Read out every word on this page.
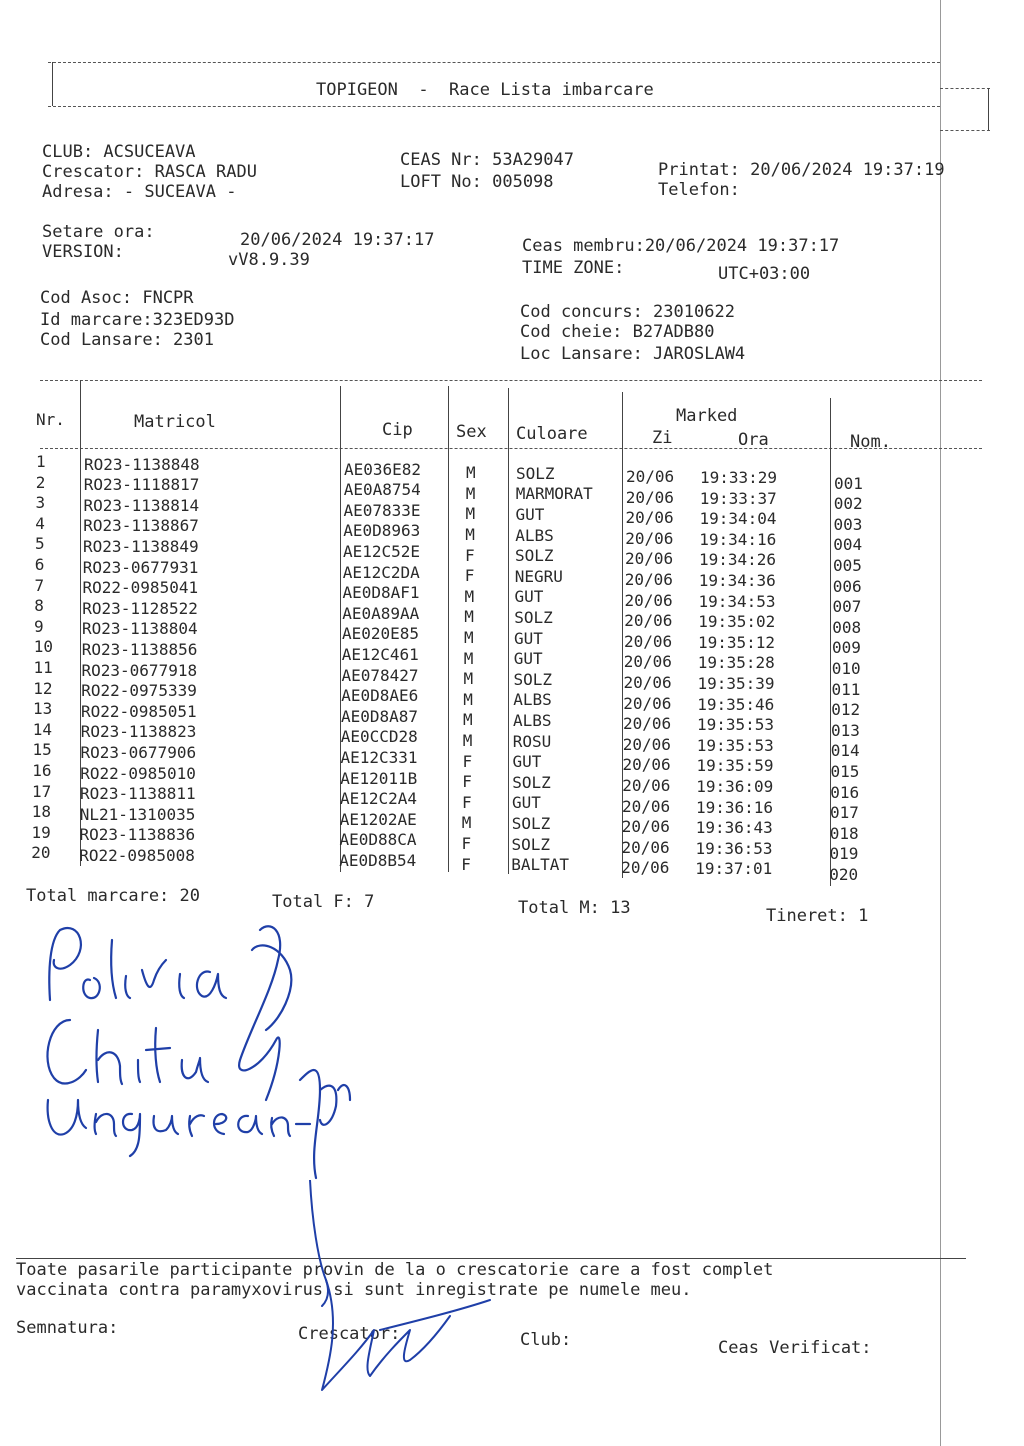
TOPIGEON  -  Race Lista imbarcare
CLUB: ACSUCEAVA
Crescator: RASCA RADU
Adresa: - SUCEAVA -
CEAS Nr: 53A29047
LOFT No: 005098
Printat: 20/06/2024 19:37:19
Telefon:
Setare ora:	20/06/2024 19:37:17
VERSION:	vV8.9.39
Ceas membru:20/06/2024 19:37:17
TIME ZONE:	UTC+03:00
Cod Asoc: FNCPR
Id marcare:323ED93D
Cod Lansare: 2301
Cod concurs: 23010622
Cod cheie: B27ADB80
Loc Lansare: JAROSLAW4
Nr.	Matricol	Cip	Sex Culoare
Marked
Zi	Ora	Nom.
1 RO23-1138848	AE036E82	M	SOLZ	20/06 19:33:29	001
2 RO23-1118817	AE0A8754	M	MARMORAT 20/06 19:33:37	002
3 RO23-1138814	AE07833E	M	GUT	20/06 19:34:04	003
4 RO23-1138867	AE0D8963	M	ALBS	20/06 19:34:16	004
5 RO23-1138849	AE12C52E	F	SOLZ	20/06 19:34:26	005
6 RO23-0677931	AE12C2DA	F	NEGRU	20/06 19:34:36	006
7 RO22-0985041	AE0D8AF1	M	GUT	20/06 19:34:53	007
8 RO23-1128522	AE0A89AA	M	SOLZ	20/06 19:35:02	008
9 RO23-1138804	AE020E85	M	GUT	20/06 19:35:12	009
10 RO23-1138856	AE12C461	M	GUT	20/06 19:35:28	010
11 RO23-0677918	AE078427	M	SOLZ	20/06 19:35:39	011
12 RO22-0975339	AE0D8AE6	M	ALBS	20/06 19:35:46	012
13 RO22-0985051	AE0D8A87	M	ALBS	20/06 19:35:53	013
14 RO23-1138823	AE0CCD28	M	ROSU	20/06 19:35:53	014
15 RO23-0677906	AE12C331	F	GUT	20/06 19:35:59	015
16 RO22-0985010	AE12011B	F	SOLZ	20/06 19:36:09	016
17 RO23-1138811	AE12C2A4	F	GUT	20/06 19:36:16	017
18 NL21-1310035	AE1202AE	M	SOLZ	20/06 19:36:43	018
19 RO23-1138836	AE0D88CA	F	SOLZ	20/06 19:36:53	019
20 RO22-0985008	AE0D8B54	F	BALTAT	20/06 19:37:01	020
Total marcare: 20	Total F: 7	Total M: 13	Tineret: 1
Toate pasarile participante provin de la o crescatorie care a fost complet
vaccinata contra paramyxovirus si sunt inregistrate pe numele meu.
Semnatura:	Crescator:	Club:	Ceas Verificat:
